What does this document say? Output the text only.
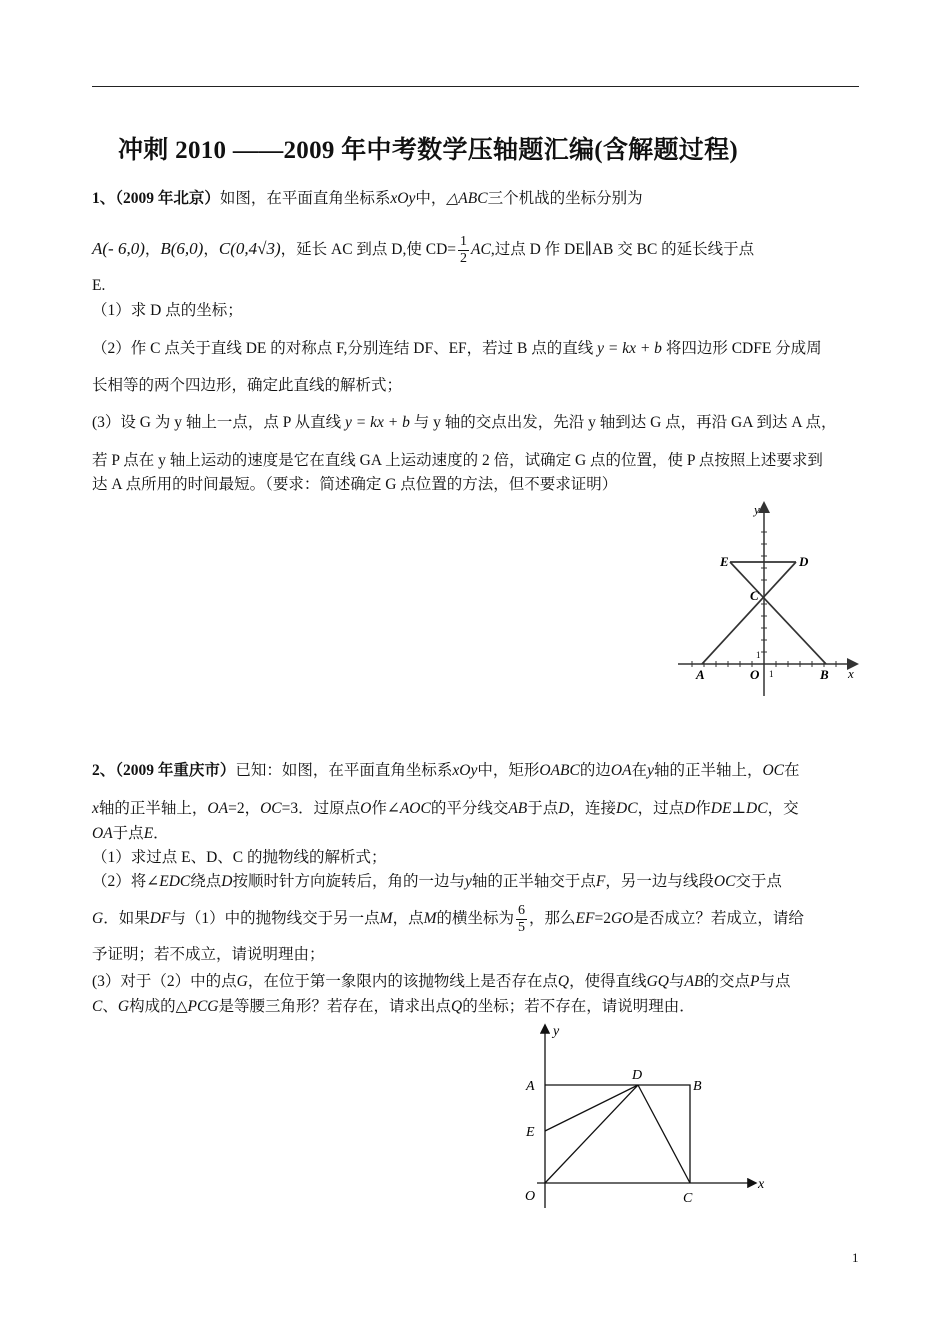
冲刺 2010 ——2009 年中考数学压轴题汇编(含解题过程)
1、（2009 年北京）如图，在平面直角坐标系xOy中，△ABC三个机战的坐标分别为
A(- 6,0)，B(6,0)，C(0,4√3)，延长 AC 到点 D,使 $CD= \frac{1}{2}$ AC,过点 D 作 DE∥AB 交 BC 的延长线于点
E.
（1）求 D 点的坐标；
（2）作 C 点关于直线 DE 的对称点 F,分别连结 DF、EF，若过 B 点的直线 y = kx + b 将四边形 CDFE 分成周
长相等的两个四边形，确定此直线的解析式；
(3）设 G 为 y 轴上一点，点 P 从直线 y = kx + b 与 y 轴的交点出发，先沿 y 轴到达 G 点，再沿 GA 到达 A 点，
若 P 点在 y 轴上运动的速度是它在直线 GA 上运动速度的 2 倍，试确定 G 点的位置，使 P 点按照上述要求到
达 A 点所用的时间最短。（要求：简述确定 G 点位置的方法，但不要求证明）
y
x
E	D
C
A	O	B
1
1
2、（2009 年重庆市）已知：如图，在平面直角坐标系xOy中，矩形OABC的边OA在y轴的正半轴上，OC在
x轴的正半轴上，OA=2，OC=3．过原点O作∠AOC的平分线交AB于点D，连接DC，过点D作DE⊥DC，交
OA于点E．
（1）求过点 E、D、C 的抛物线的解析式；
（2）将∠EDC绕点D按顺时针方向旋转后，角的一边与y轴的正半轴交于点F，另一边与线段OC交于点
G．如果DF与（1）中的抛物线交于另一点M，点M的横坐标为 $\frac{6}{5}$ ，那么EF=2GO是否成立？若成立，请给
予证明；若不成立，请说明理由；
(3）对于（2）中的点G，在位于第一象限内的该抛物线上是否存在点Q，使得直线GQ与AB的交点P与点
C、G构成的△PCG是等腰三角形？若存在，请求出点Q的坐标；若不存在，请说明理由．
y
x
A
D
B
E
O	C
1
